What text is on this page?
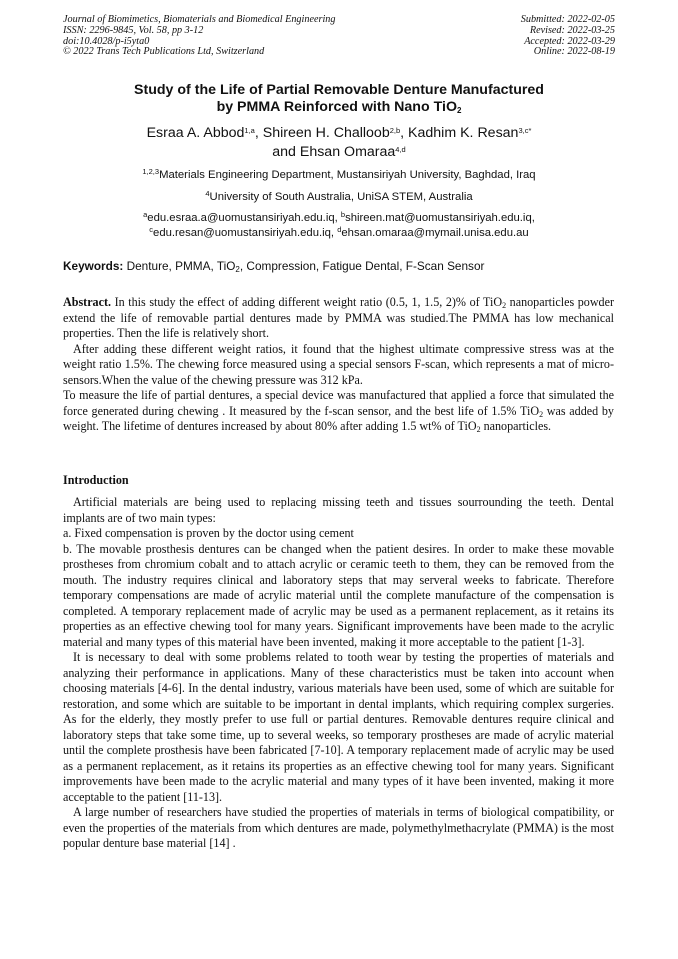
Journal of Biomimetics, Biomaterials and Biomedical Engineering
ISSN: 2296-9845, Vol. 58, pp 3-12
doi:10.4028/p-i5yta0
© 2022 Trans Tech Publications Ltd, Switzerland
Submitted: 2022-02-05
Revised: 2022-03-25
Accepted: 2022-03-29
Online: 2022-08-19
Study of the Life of Partial Removable Denture Manufactured
by PMMA Reinforced with Nano TiO$_2$
Esraa A. Abbod$^{1,a}$, Shireen H. Challoob$^{2,b}$, Kadhim K. Resan$^{3,c*}$
and Ehsan Omaraa$^{4,d}$
$^{1,2,3}$Materials Engineering Department, Mustansiriyah University, Baghdad, Iraq
$^4$University of South Australia, UniSA STEM, Australia
$^a$edu.esraa.a@uomustansiriyah.edu.iq, $^b$shireen.mat@uomustansiriyah.edu.iq,
$^c$edu.resan@uomustansiriyah.edu.iq, $^d$ehsan.omaraa@mymail.unisa.edu.au
Keywords: Denture, PMMA, TiO$_2$, Compression, Fatigue Dental, F-Scan Sensor

Abstract. In this study the effect of adding different weight ratio (0.5, 1, 1.5, 2)% of TiO$_2$ nanoparticles powder extend the life of removable partial dentures made by PMMA was studied.The PMMA has low mechanical properties. Then the life is relatively short.

After adding these different weight ratios, it found that the highest ultimate compressive stress was at the weight ratio 1.5%. The chewing force measured using a special sensors F-scan, which represents a mat of micro-sensors.When the value of the chewing pressure was 312 kPa.

To measure the life of partial dentures, a special device was manufactured that applied a force that simulated the force generated during chewing . It measured by the f-scan sensor, and the best life of 1.5% TiO$_2$ was added by weight. The lifetime of dentures increased by about 80% after adding 1.5 wt% of TiO$_2$ nanoparticles.

Introduction

Artificial materials are being used to replacing missing teeth and tissues sourrounding the teeth. Dental implants are of two main types:

a. Fixed compensation is proven by the doctor using cement

b. The movable prosthesis dentures can be changed when the patient desires. In order to make these movable prostheses from chromium cobalt and to attach acrylic or ceramic teeth to them, they can be removed from the mouth. The industry requires clinical and laboratory steps that may serveral weeks to fabricate. Therefore temporary compensations are made of acrylic material until the complete manufacture of the compensation is completed. A temporary replacement made of acrylic may be used as a permanent replacement, as it retains its properties as an effective chewing tool for many years. Significant improvements have been made to the acrylic material and many types of this material have been invented, making it more acceptable to the patient [1-3].

It is necessary to deal with some problems related to tooth wear by testing the properties of materials and analyzing their performance in applications. Many of these characteristics must be taken into account when choosing materials [4-6]. In the dental industry, various materials have been used, some of which are suitable for restoration, and some which are suitable to be important in dental implants, which requiring complex surgeries. As for the elderly, they mostly prefer to use full or partial dentures. Removable dentures require clinical and laboratory steps that take some time, up to several weeks, so temporary prostheses are made of acrylic material until the complete prosthesis have been fabricated [7-10]. A temporary replacement made of acrylic may be used as a permanent replacement, as it retains its properties as an effective chewing tool for many years. Significant improvements have been made to the acrylic material and many types of it have been invented, making it more acceptable to the patient [11-13].

A large number of researchers have studied the properties of materials in terms of biological compatibility, or even the properties of the materials from which dentures are made, polymethylmethacrylate (PMMA) is the most popular denture base material [14] .
